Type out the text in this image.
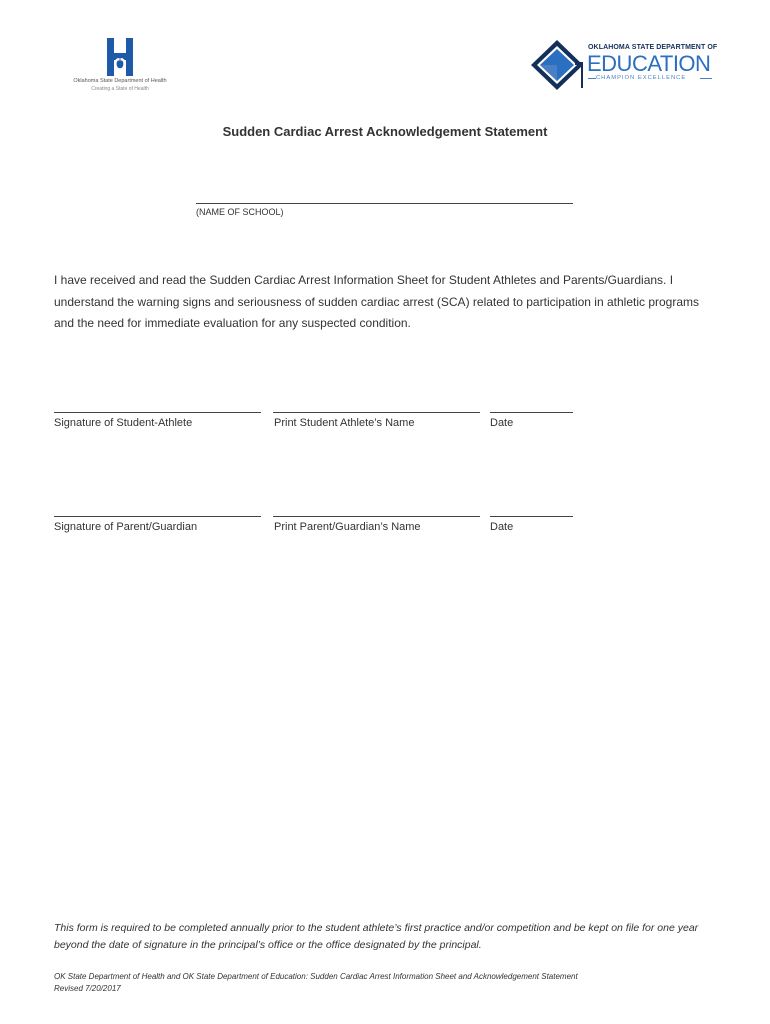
Oklahoma State Department of Health
Creating a State of Health
OKLAHOMA STATE DEPARTMENT OF
EDUCATION
CHAMPION EXCELLENCE
Sudden Cardiac Arrest Acknowledgement Statement
(NAME OF SCHOOL)
I have received and read the Sudden Cardiac Arrest Information Sheet for Student Athletes and Parents/Guardians. I understand the warning signs and seriousness of sudden cardiac arrest (SCA) related to participation in athletic programs and the need for immediate evaluation for any suspected condition.
Signature of Student-Athlete	Print Student Athlete’s Name	Date
Signature of Parent/Guardian	Print Parent/Guardian’s Name	Date
This form is required to be completed annually prior to the student athlete’s first practice and/or competition and be kept on file for one year beyond the date of signature in the principal’s office or the office designated by the principal.
OK State Department of Health and OK State Department of Education: Sudden Cardiac Arrest Information Sheet and Acknowledgement Statement
Revised 7/20/2017
